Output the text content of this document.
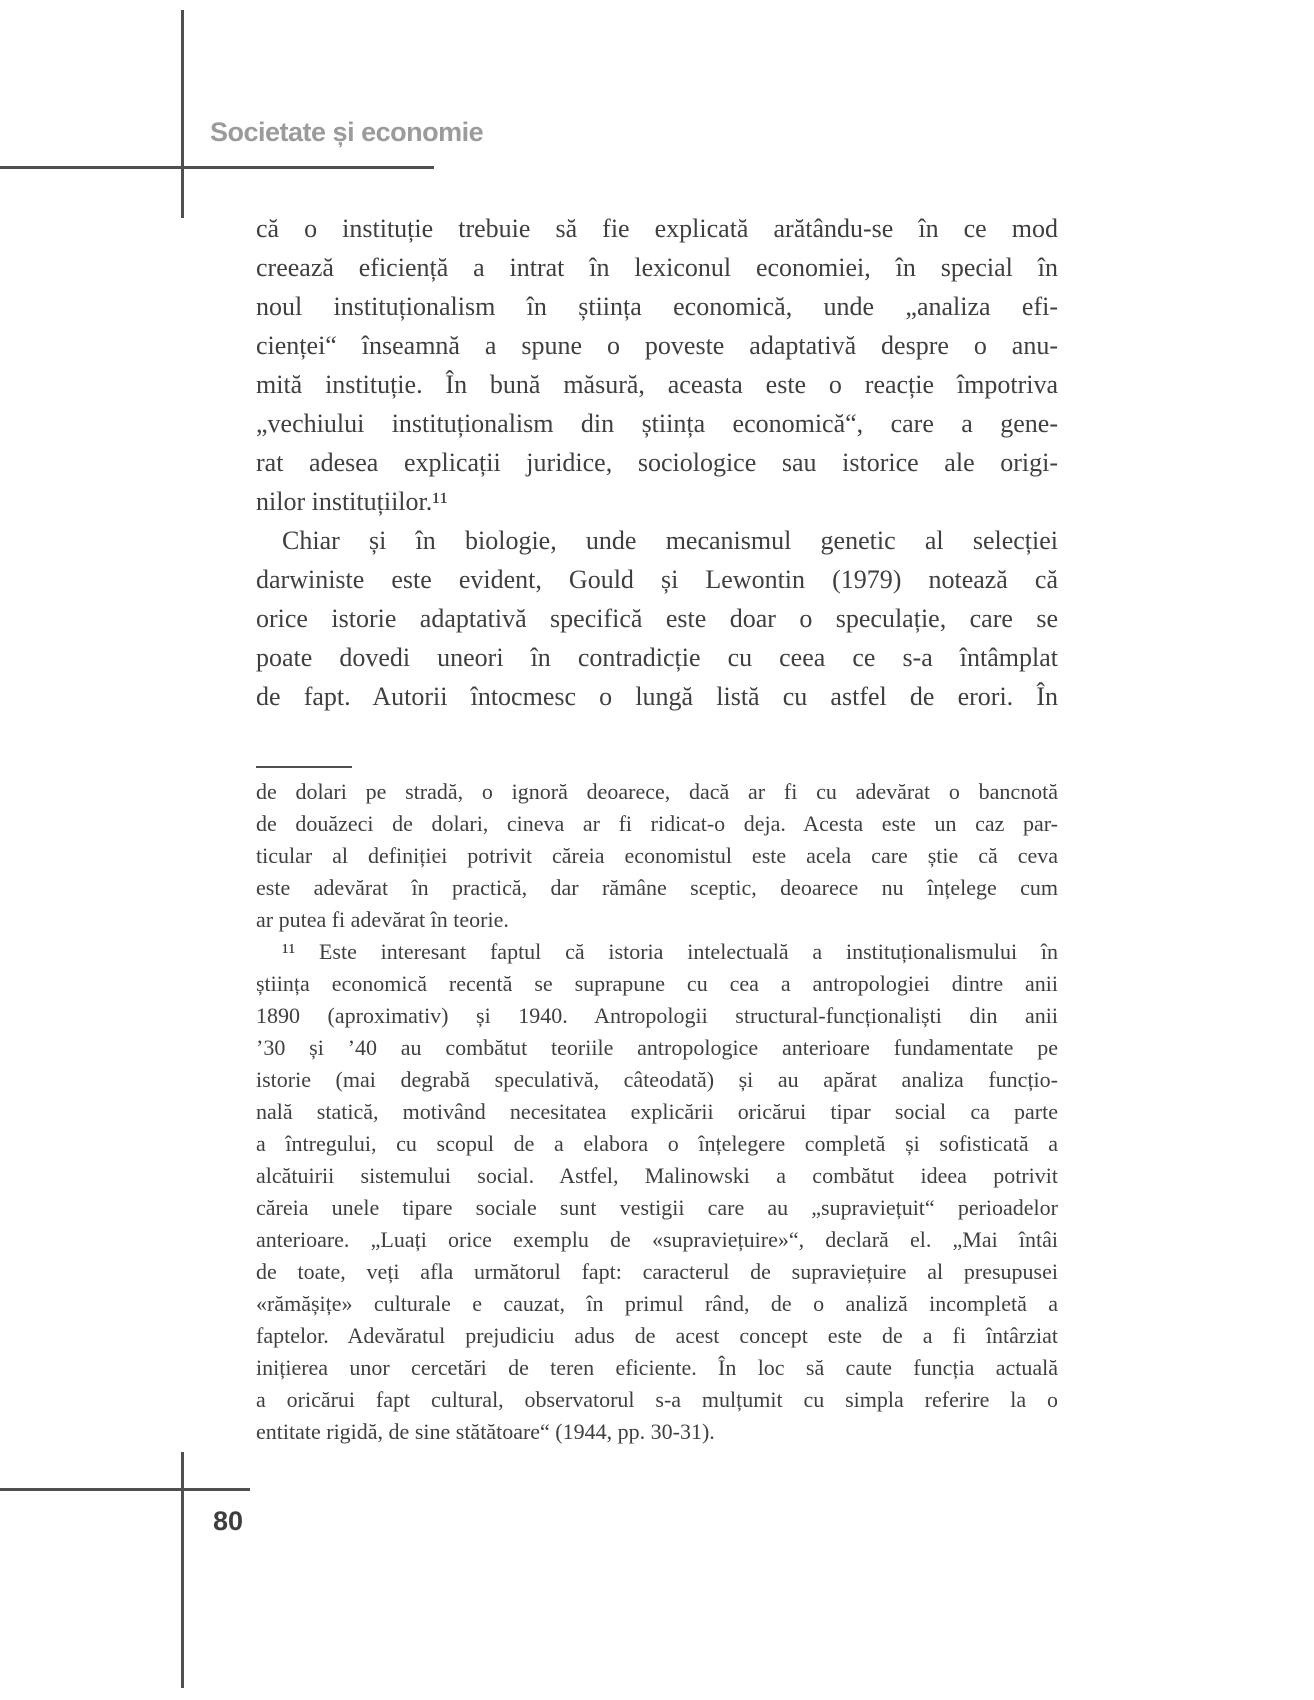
Societate și economie
că o instituție trebuie să fie explicată arătându-se în ce mod
creează eficiență a intrat în lexiconul economiei, în special în
noul instituționalism în știința economică, unde „analiza efi-
cienței“ înseamnă a spune o poveste adaptativă despre o anu-
mită instituție. În bună măsură, aceasta este o reacție împotriva
„vechiului instituționalism din știința economică“, care a gene-
rat adesea explicații juridice, sociologice sau istorice ale origi-
nilor instituțiilor.¹¹
Chiar și în biologie, unde mecanismul genetic al selecției
darwiniste este evident, Gould și Lewontin (1979) notează că
orice istorie adaptativă specifică este doar o speculație, care se
poate dovedi uneori în contradicție cu ceea ce s-a întâmplat
de fapt. Autorii întocmesc o lungă listă cu astfel de erori. În
de dolari pe stradă, o ignoră deoarece, dacă ar fi cu adevărat o bancnotă
de douăzeci de dolari, cineva ar fi ridicat-o deja. Acesta este un caz par-
ticular al definiției potrivit căreia economistul este acela care știe că ceva
este adevărat în practică, dar rămâne sceptic, deoarece nu înțelege cum
ar putea fi adevărat în teorie.
¹¹ Este interesant faptul că istoria intelectuală a instituționalismului în
știința economică recentă se suprapune cu cea a antropologiei dintre anii
1890 (aproximativ) și 1940. Antropologii structural-funcționaliști din anii
’30 și ’40 au combătut teoriile antropologice anterioare fundamentate pe
istorie (mai degrabă speculativă, câteodată) și au apărat analiza funcțio-
nală statică, motivând necesitatea explicării oricărui tipar social ca parte
a întregului, cu scopul de a elabora o înțelegere completă și sofisticată a
alcătuirii sistemului social. Astfel, Malinowski a combătut ideea potrivit
căreia unele tipare sociale sunt vestigii care au „supraviețuit“ perioadelor
anterioare. „Luați orice exemplu de «supraviețuire»“, declară el. „Mai întâi
de toate, veți afla următorul fapt: caracterul de supraviețuire al presupusei
«rămășițe» culturale e cauzat, în primul rând, de o analiză incompletă a
faptelor. Adevăratul prejudiciu adus de acest concept este de a fi întârziat
inițierea unor cercetări de teren eficiente. În loc să caute funcția actuală
a oricărui fapt cultural, observatorul s-a mulțumit cu simpla referire la o
entitate rigidă, de sine stătătoare“ (1944, pp. 30-31).
80
